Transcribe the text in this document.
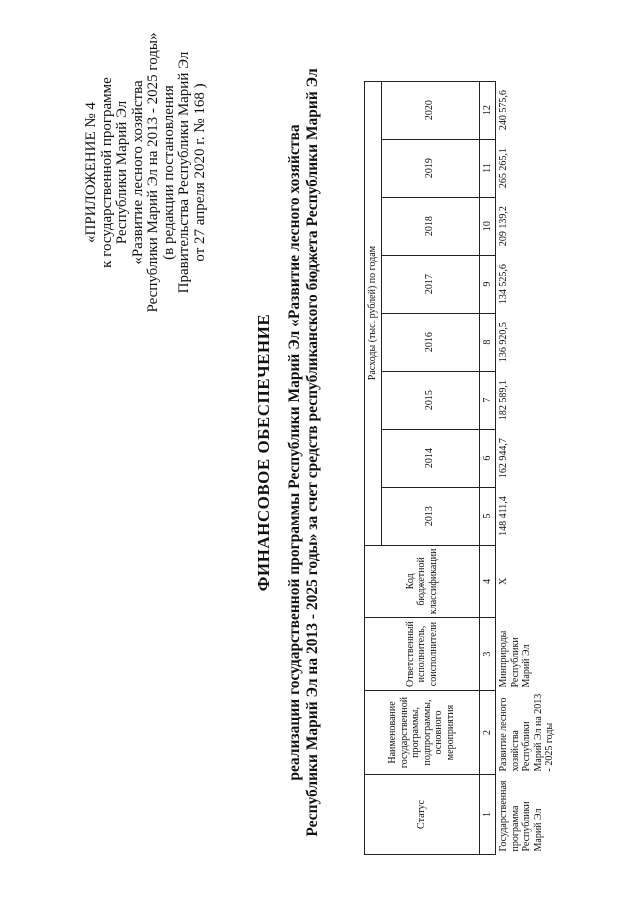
«ПРИЛОЖЕНИЕ № 4 к государственной программе Республики Марий Эл «Развитие лесного хозяйства Республики Марий Эл на 2013 - 2025 годы» (в редакции постановления Правительства Республики Марий Эл от 27 апреля 2020 г. № 168 )
ФИНАНСОВОЕ ОБЕСПЕЧЕНИЕ реализации государственной программы Республики Марий Эл «Развитие лесного хозяйства Республики Марий Эл на 2013 - 2025 годы» за счет средств республиканского бюджета Республики Марий Эл	Статус	Наименование государственной программы, подпрограммы, основного мероприятия	Ответственный исполнитель, соисполнители	Код бюджетной классификации	Расходы (тыс. рублей) по годам							
				2013	2014	2015	2016	2017	2018	2019	2020
1	2	3	4	5	6	7	8	9	10	11	12
Государственная программа Республики Марий Эл	Развитие лесного хозяйства Республики Марий Эл на 2013 - 2025 годы	Минприроды Республики Марий Эл	Х	148 411,4	162 944,7	182 589,1	136 920,5	134 525,6	209 139,2	265 265,1	240 575,6
